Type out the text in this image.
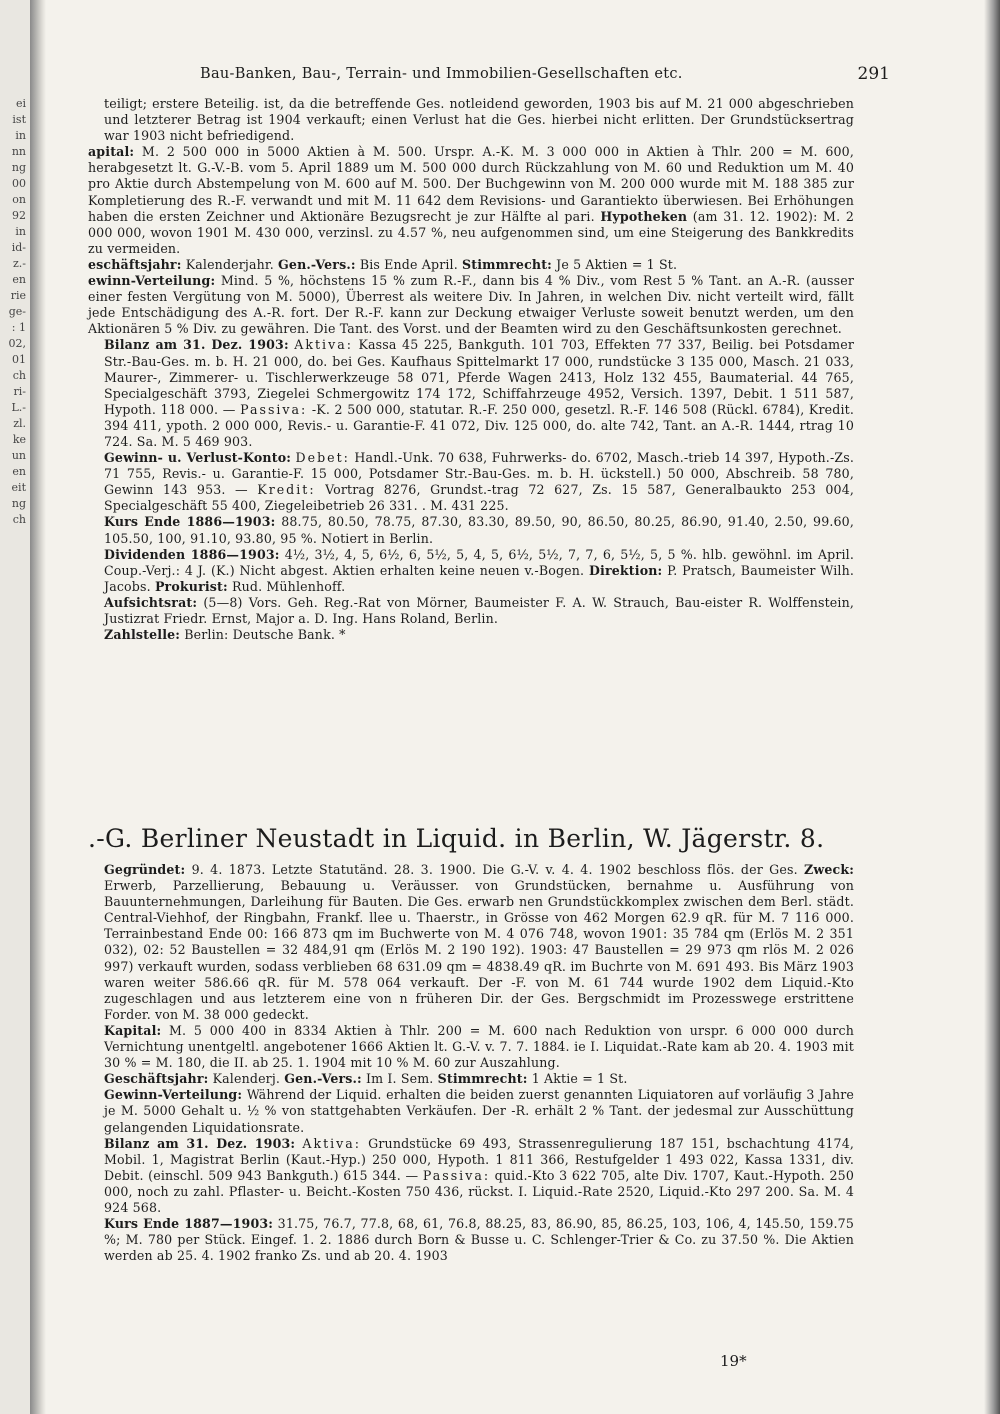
ei
ist
in
nn
ng
00
on
92
in
id-
z.-
en
rie
ge-
: 1
02,
01
ch
ri-
L.-
zl.
ke
un
en
eit
ng
ch
Bau-Banken, Bau-, Terrain- und Immobilien-Gesellschaften etc.	291

teiligt; erstere Beteilig. ist, da die betreffende Ges. notleidend geworden, 1903 bis auf M. 21 000 abgeschrieben und letzterer Betrag ist 1904 verkauft; einen Verlust hat die Ges. hierbei nicht erlitten. Der Grundstücksertrag war 1903 nicht befriedigend.

apital: M. 2 500 000 in 5000 Aktien à M. 500. Urspr. A.-K. M. 3 000 000 in Aktien à Thlr. 200 = M. 600, herabgesetzt lt. G.-V.-B. vom 5. April 1889 um M. 500 000 durch Rückzahlung von M. 60 und Reduktion um M. 40 pro Aktie durch Abstempelung von M. 600 auf M. 500. Der Buchgewinn von M. 200 000 wurde mit M. 188 385 zur Kompletierung des R.-F. verwandt und mit M. 11 642 dem Revisions- und Garantiekto überwiesen. Bei Erhöhungen haben die ersten Zeichner und Aktionäre Bezugsrecht je zur Hälfte al pari. Hypotheken (am 31. 12. 1902): M. 2 000 000, wovon 1901 M. 430 000, verzinsl. zu 4.57 %, neu aufgenommen sind, um eine Steigerung des Bankkredits zu vermeiden.

eschäftsjahr: Kalenderjahr. Gen.-Vers.: Bis Ende April. Stimmrecht: Je 5 Aktien = 1 St.

ewinn-Verteilung: Mind. 5 %, höchstens 15 % zum R.-F., dann bis 4 % Div., vom Rest 5 % Tant. an A.-R. (ausser einer festen Vergütung von M. 5000), Überrest als weitere Div. In Jahren, in welchen Div. nicht verteilt wird, fällt jede Entschädigung des A.-R. fort. Der R.-F. kann zur Deckung etwaiger Verluste soweit benutzt werden, um den Aktionären 5 % Div. zu gewähren. Die Tant. des Vorst. und der Beamten wird zu den Geschäftsunkosten gerechnet.

Bilanz am 31. Dez. 1903: Aktiva: Kassa 45 225, Bankguth. 101 703, Effekten 77 337, Beilig. bei Potsdamer Str.-Bau-Ges. m. b. H. 21 000, do. bei Ges. Kaufhaus Spittelmarkt 17 000, rundstücke 3 135 000, Masch. 21 033, Maurer-, Zimmerer- u. Tischlerwerkzeuge 58 071, Pferde Wagen 2413, Holz 132 455, Baumaterial. 44 765, Specialgeschäft 3793, Ziegelei Schmergowitz 174 172, Schiffahrzeuge 4952, Versich. 1397, Debit. 1 511 587, Hypoth. 118 000. — Passiva: -K. 2 500 000, statutar. R.-F. 250 000, gesetzl. R.-F. 146 508 (Rückl. 6784), Kredit. 394 411, ypoth. 2 000 000, Revis.- u. Garantie-F. 41 072, Div. 125 000, do. alte 742, Tant. an A.-R. 1444, rtrag 10 724. Sa. M. 5 469 903.

Gewinn- u. Verlust-Konto: Debet: Handl.-Unk. 70 638, Fuhrwerks- do. 6702, Masch.-trieb 14 397, Hypoth.-Zs. 71 755, Revis.- u. Garantie-F. 15 000, Potsdamer Str.-Bau-Ges. m. b. H. ückstell.) 50 000, Abschreib. 58 780, Gewinn 143 953. — Kredit: Vortrag 8276, Grundst.-trag 72 627, Zs. 15 587, Generalbaukto 253 004, Specialgeschäft 55 400, Ziegeleibetrieb 26 331. . M. 431 225.

Kurs Ende 1886—1903: 88.75, 80.50, 78.75, 87.30, 83.30, 89.50, 90, 86.50, 80.25, 86.90, 91.40, 2.50, 99.60, 105.50, 100, 91.10, 93.80, 95 %. Notiert in Berlin.

Dividenden 1886—1903: 4½, 3½, 4, 5, 6½, 6, 5½, 5, 4, 5, 6½, 5½, 7, 7, 6, 5½, 5, 5 %. hlb. gewöhnl. im April. Coup.-Verj.: 4 J. (K.) Nicht abgest. Aktien erhalten keine neuen v.-Bogen. Direktion: P. Pratsch, Baumeister Wilh. Jacobs. Prokurist: Rud. Mühlenhoff.

Aufsichtsrat: (5—8) Vors. Geh. Reg.-Rat von Mörner, Baumeister F. A. W. Strauch, Bau-eister R. Wolffenstein, Justizrat Friedr. Ernst, Major a. D. Ing. Hans Roland, Berlin.

Zahlstelle: Berlin: Deutsche Bank. *

.-G. Berliner Neustadt in Liquid. in Berlin, W. Jägerstr. 8.

Gegründet: 9. 4. 1873. Letzte Statutänd. 28. 3. 1900. Die G.-V. v. 4. 4. 1902 beschloss flös. der Ges. Zweck: Erwerb, Parzellierung, Bebauung u. Veräusser. von Grundstücken, bernahme u. Ausführung von Bauunternehmungen, Darleihung für Bauten. Die Ges. erwarb nen Grundstückkomplex zwischen dem Berl. städt. Central-Viehhof, der Ringbahn, Frankf. llee u. Thaerstr., in Grösse von 462 Morgen 62.9 qR. für M. 7 116 000. Terrainbestand Ende 00: 166 873 qm im Buchwerte von M. 4 076 748, wovon 1901: 35 784 qm (Erlös M. 2 351 032), 02: 52 Baustellen = 32 484,91 qm (Erlös M. 2 190 192). 1903: 47 Baustellen = 29 973 qm rlös M. 2 026 997) verkauft wurden, sodass verblieben 68 631.09 qm = 4838.49 qR. im Buchrte von M. 691 493. Bis März 1903 waren weiter 586.66 qR. für M. 578 064 verkauft. Der -F. von M. 61 744 wurde 1902 dem Liquid.-Kto zugeschlagen und aus letzterem eine von n früheren Dir. der Ges. Bergschmidt im Prozesswege erstrittene Forder. von M. 38 000 gedeckt.

Kapital: M. 5 000 400 in 8334 Aktien à Thlr. 200 = M. 600 nach Reduktion von urspr. 6 000 000 durch Vernichtung unentgeltl. angebotener 1666 Aktien lt. G.-V. v. 7. 7. 1884. ie I. Liquidat.-Rate kam ab 20. 4. 1903 mit 30 % = M. 180, die II. ab 25. 1. 1904 mit 10 % M. 60 zur Auszahlung.

Geschäftsjahr: Kalenderj. Gen.-Vers.: Im I. Sem. Stimmrecht: 1 Aktie = 1 St.

Gewinn-Verteilung: Während der Liquid. erhalten die beiden zuerst genannten Liquiatoren auf vorläufig 3 Jahre je M. 5000 Gehalt u. ½ % von stattgehabten Verkäufen. Der -R. erhält 2 % Tant. der jedesmal zur Ausschüttung gelangenden Liquidationsrate.

Bilanz am 31. Dez. 1903: Aktiva: Grundstücke 69 493, Strassenregulierung 187 151, bschachtung 4174, Mobil. 1, Magistrat Berlin (Kaut.-Hyp.) 250 000, Hypoth. 1 811 366, Restufgelder 1 493 022, Kassa 1331, div. Debit. (einschl. 509 943 Bankguth.) 615 344. — Passiva: quid.-Kto 3 622 705, alte Div. 1707, Kaut.-Hypoth. 250 000, noch zu zahl. Pflaster- u. Beicht.-Kosten 750 436, rückst. I. Liquid.-Rate 2520, Liquid.-Kto 297 200. Sa. M. 4 924 568.

Kurs Ende 1887—1903: 31.75, 76.7, 77.8, 68, 61, 76.8, 88.25, 83, 86.90, 85, 86.25, 103, 106, 4, 145.50, 159.75 %; M. 780 per Stück. Eingef. 1. 2. 1886 durch Born & Busse u. C. Schlenger-Trier & Co. zu 37.50 %. Die Aktien werden ab 25. 4. 1902 franko Zs. und ab 20. 4. 1903

19*
